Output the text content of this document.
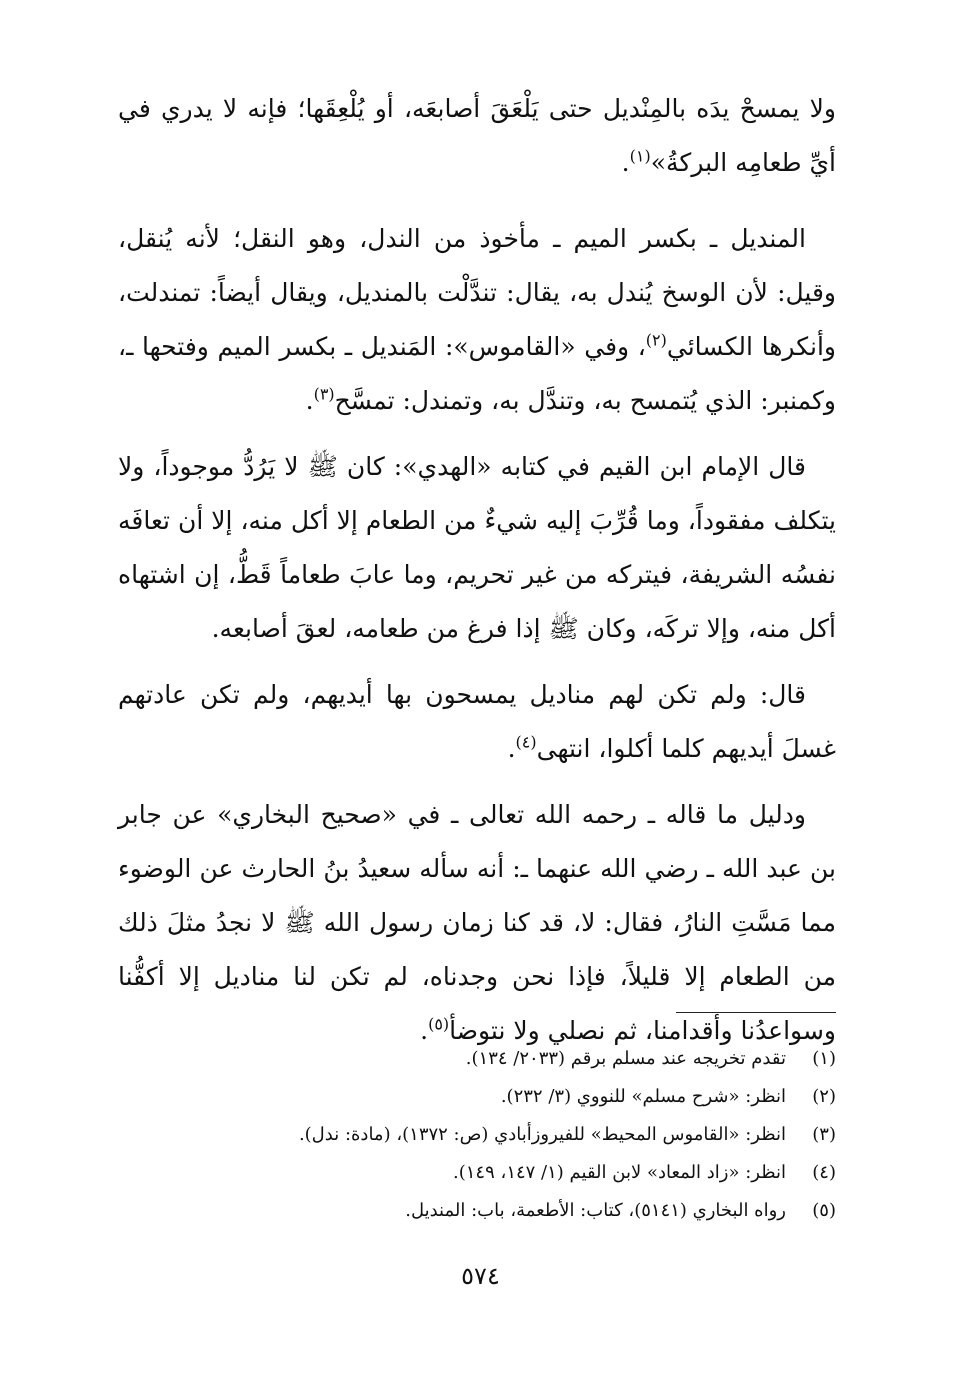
ولا يمسحْ يدَه بالمِنْديل حتى يَلْعَقَ أصابعَه، أو يُلْعِقَها؛ فإنه لا يدري في أيِّ طعامِه البركةُ»$^{(١)}$.

المنديل ـ بكسر الميم ـ مأخوذ من الندل، وهو النقل؛ لأنه يُنقل، وقيل: لأن الوسخ يُندل به، يقال: تندَّلْت بالمنديل، ويقال أيضاً: تمندلت، وأنكرها الكسائي$^{(٢)}$، وفي «القاموس»: المَنديل ـ بكسر الميم وفتحها ـ، وكمنبر: الذي يُتمسح به، وتندَّل به، وتمندل: تمسَّح$^{(٣)}$.

قال الإمام ابن القيم في كتابه «الهدي»: كان ﷺ لا يَرُدُّ موجوداً، ولا يتكلف مفقوداً، وما قُرِّبَ إليه شيءٌ من الطعام إلا أكل منه، إلا أن تعافَه نفسُه الشريفة، فيتركه من غير تحريم، وما عابَ طعاماً قَطُّ، إن اشتهاه أكل منه، وإلا تركَه، وكان ﷺ إذا فرغ من طعامه، لعقَ أصابعه.

قال: ولم تكن لهم مناديل يمسحون بها أيديهم، ولم تكن عادتهم غسلَ أيديهم كلما أكلوا، انتهى$^{(٤)}$.

ودليل ما قاله ـ رحمه الله تعالى ـ في «صحيح البخاري» عن جابر بن عبد الله ـ رضي الله عنهما ـ: أنه سأله سعيدُ بنُ الحارث عن الوضوء مما مَسَّتِ النارُ، فقال: لا، قد كنا زمان رسول الله ﷺ لا نجدُ مثلَ ذلك من الطعام إلا قليلاً، فإذا نحن وجدناه، لم تكن لنا مناديل إلا أكفُّنا وسواعدُنا وأقدامنا، ثم نصلي ولا نتوضأ$^{(٥)}$.

(١)
تقدم تخريجه عند مسلم برقم (٢٠٣٣/ ١٣٤).
(٢)
انظر: «شرح مسلم» للنووي (٣/ ٢٣٢).
(٣)
انظر: «القاموس المحيط» للفيروزأبادي (ص: ١٣٧٢)، (مادة: ندل).
(٤)
انظر: «زاد المعاد» لابن القيم (١/ ١٤٧، ١٤٩).
(٥)
رواه البخاري (٥١٤١)، كتاب: الأطعمة، باب: المنديل.
٥٧٤
